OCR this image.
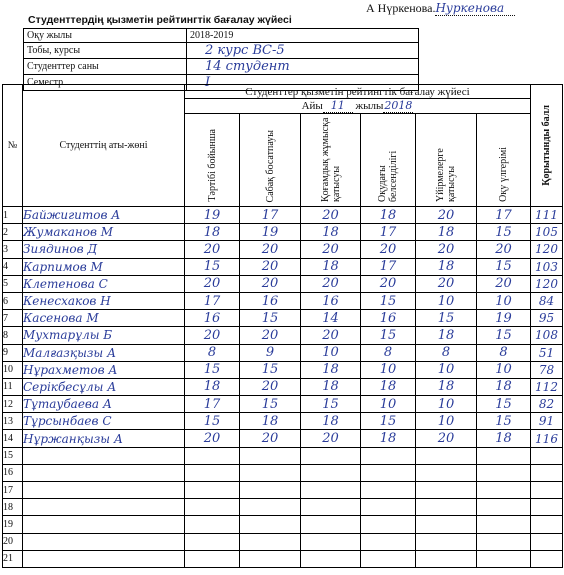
А Нүркенова.Нуркенова
Студенттердің қызметін рейтингтік бағалау жүйесі
Оқу жылы	2018-2019
Тобы, курсы	2 курс ВС-5
Студенттер саны	14 студент
Семестр	I
№	Студенттің аты-жөні	Студенттер қызметін рейтингтік бағалау жүйесі						Қорытынды балл

		Айы 11 жылы2018						

		Тәртібі бойынша	Сабақ босатпауы	Қоғамдық жұмысқа қатысуы	Оқудағы белсенділігі	Үйірмелерге қатысуы	Оқу үлгерімі	

1	Байжигитов А	19	17	20	18	20	17	111
2	Жумаканов М	18	19	18	17	18	15	105
3	Зиядинов Д	20	20	20	20	20	20	120
4	Карпимов М	15	20	18	17	18	15	103
5	Клетенова С	20	20	20	20	20	20	120
6	Кенесхаков Н	17	16	16	15	10	10	84
7	Касенова М	16	15	14	16	15	19	95
8	Мухтарұлы Б	20	20	20	15	18	15	108
9	Малғазқызы А	8	9	10	8	8	8	51
10	Нұрахметов А	15	15	18	10	10	10	78
11	Серікбесұлы А	18	20	18	18	18	18	112
12	Тұтаубаева А	17	15	15	10	10	15	82
13	Тұрсынбаев С	15	18	18	15	10	15	91
14	Нұржанқызы А	20	20	20	18	20	18	116
15								
16								
17								
18								
19								
20								
21								
